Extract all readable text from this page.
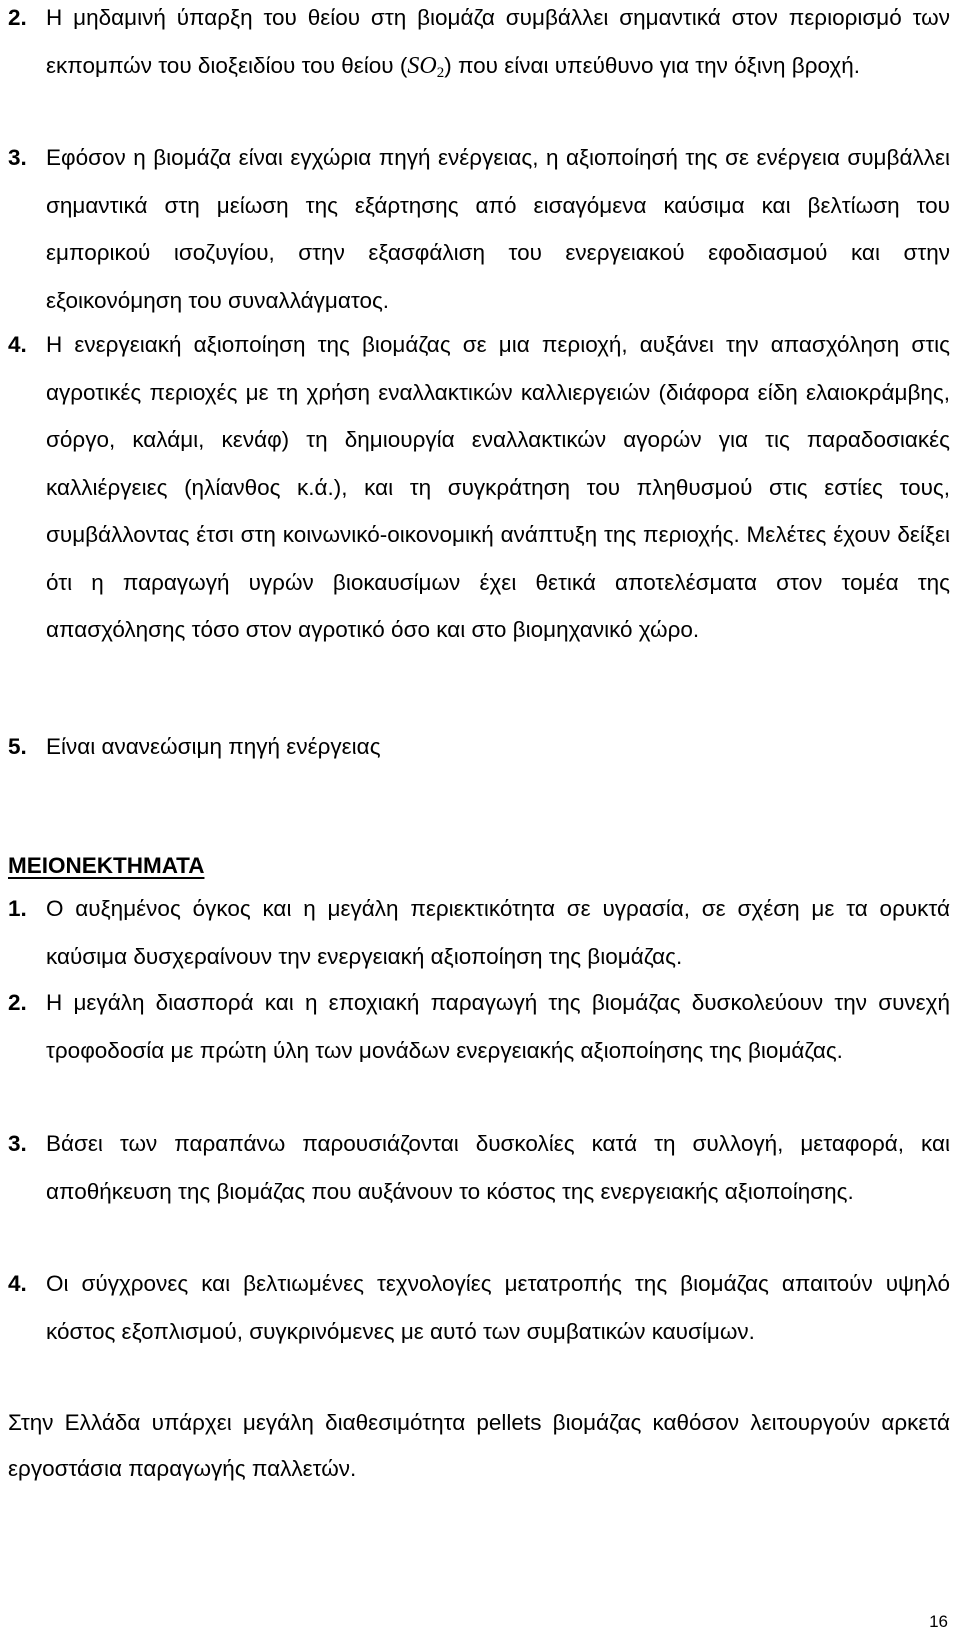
2. Η μηδαμινή ύπαρξη του θείου στη βιομάζα συμβάλλει σημαντικά στον περιορισμό των εκπομπών του διοξειδίου του θείου $(SO_2)$ που είναι υπεύθυνο για την όξινη βροχή.
3. Εφόσον η βιομάζα είναι εγχώρια πηγή ενέργειας, η αξιοποίησή της σε ενέργεια συμβάλλει σημαντικά στη μείωση της εξάρτησης από εισαγόμενα καύσιμα και βελτίωση του εμπορικού ισοζυγίου, στην εξασφάλιση του ενεργειακού εφοδιασμού και στην εξοικονόμηση του συναλλάγματος.
4. Η ενεργειακή αξιοποίηση της βιομάζας σε μια περιοχή, αυξάνει την απασχόληση στις αγροτικές περιοχές με τη χρήση εναλλακτικών καλλιεργειών (διάφορα είδη ελαιοκράμβης, σόργο, καλάμι, κενάφ) τη δημιουργία εναλλακτικών αγορών για τις παραδοσιακές καλλιέργειες (ηλίανθος κ.ά.), και τη συγκράτηση του πληθυσμού στις εστίες τους, συμβάλλοντας έτσι στη κοινωνικό-οικονομική ανάπτυξη της περιοχής. Μελέτες έχουν δείξει ότι η παραγωγή υγρών βιοκαυσίμων έχει θετικά αποτελέσματα στον τομέα της απασχόλησης τόσο στον αγροτικό όσο και στο βιομηχανικό χώρο.
5. Είναι ανανεώσιμη πηγή ενέργειας
ΜΕΙΟΝΕΚΤΗΜΑΤΑ
1. Ο αυξημένος όγκος και η μεγάλη περιεκτικότητα σε υγρασία, σε σχέση με τα ορυκτά καύσιμα δυσχεραίνουν την ενεργειακή αξιοποίηση της βιομάζας.
2. Η μεγάλη διασπορά και η εποχιακή παραγωγή της βιομάζας δυσκολεύουν την συνεχή τροφοδοσία με πρώτη ύλη των μονάδων ενεργειακής αξιοποίησης της βιομάζας.
3. Βάσει των παραπάνω παρουσιάζονται δυσκολίες κατά τη συλλογή, μεταφορά, και αποθήκευση της βιομάζας που αυξάνουν το κόστος της ενεργειακής αξιοποίησης.
4. Οι σύγχρονες και βελτιωμένες τεχνολογίες μετατροπής της βιομάζας απαιτούν υψηλό κόστος εξοπλισμού, συγκρινόμενες με αυτό των συμβατικών καυσίμων.
Στην Ελλάδα υπάρχει μεγάλη διαθεσιμότητα pellets βιομάζας καθόσον λειτουργούν αρκετά εργοστάσια παραγωγής παλλετών.
16
